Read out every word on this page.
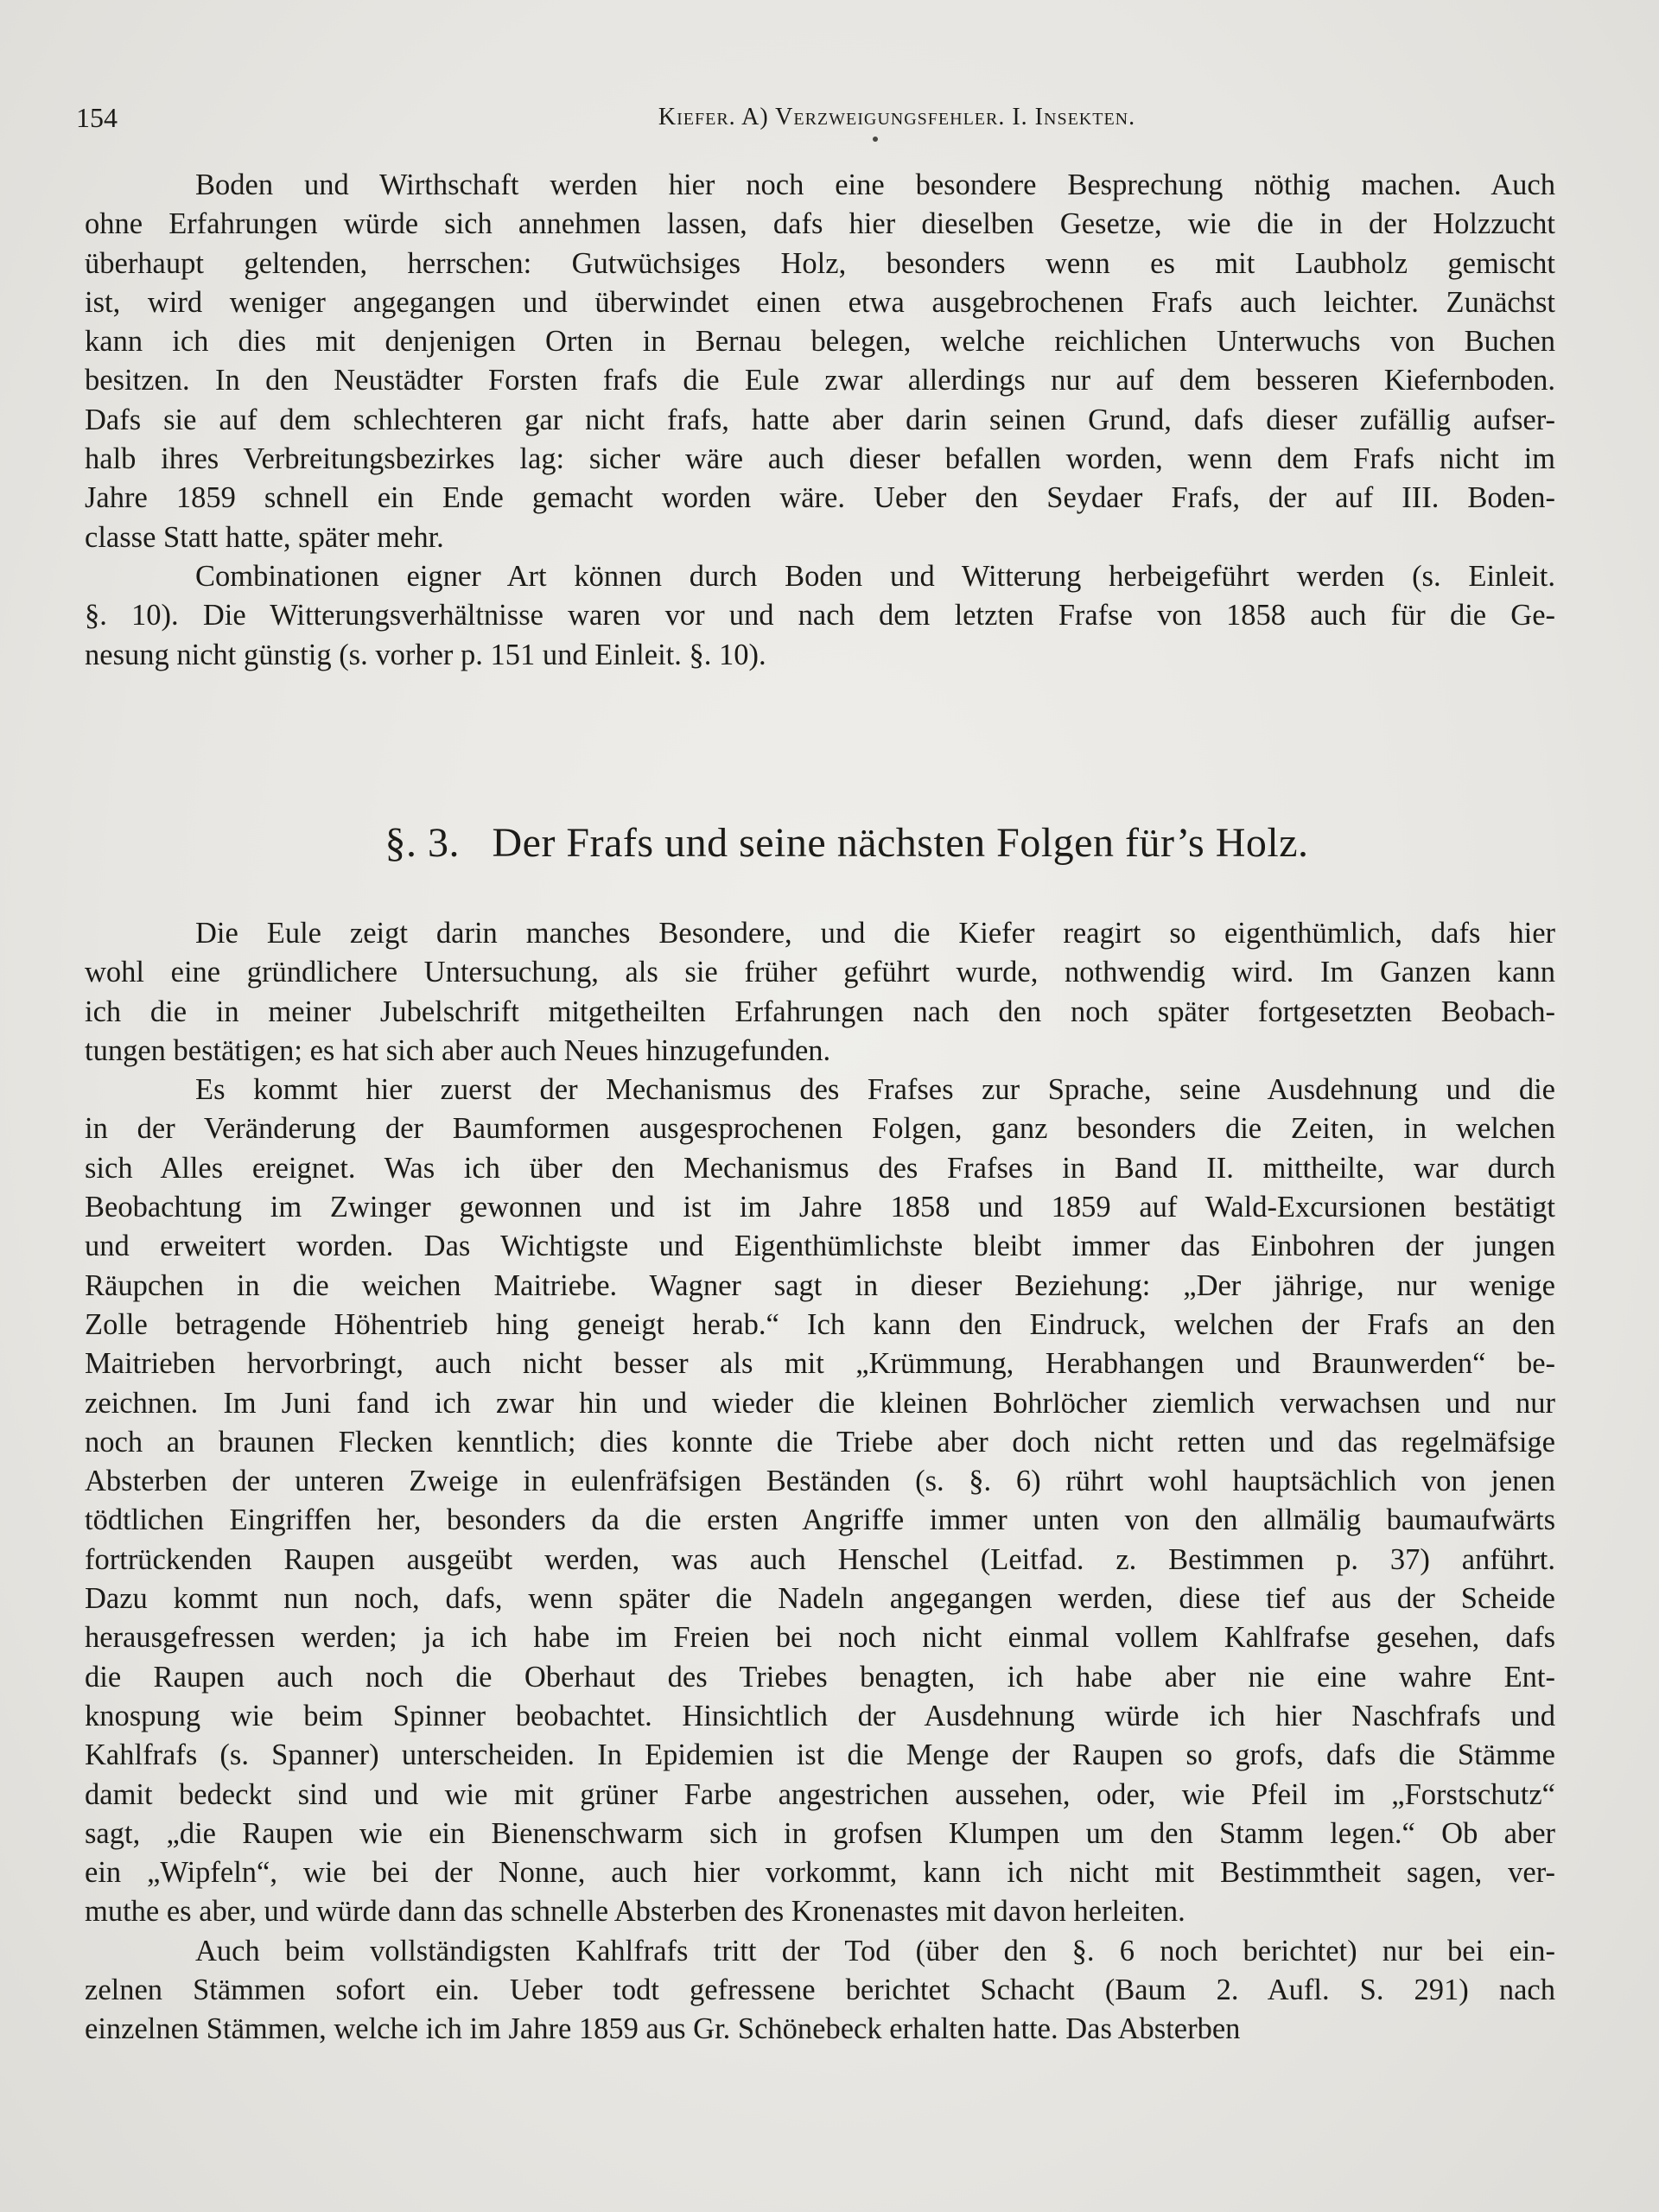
154	Kiefer. A) Verzweigungsfehler. I. Insekten.
Boden und Wirthschaft werden hier noch eine besondere Besprechung nöthig machen. Auch
ohne Erfahrungen würde sich annehmen lassen, dafs hier dieselben Gesetze, wie die in der Holzzucht
überhaupt geltenden, herrschen: Gutwüchsiges Holz, besonders wenn es mit Laubholz gemischt
ist, wird weniger angegangen und überwindet einen etwa ausgebrochenen Frafs auch leichter. Zunächst
kann ich dies mit denjenigen Orten in Bernau belegen, welche reichlichen Unterwuchs von Buchen
besitzen. In den Neustädter Forsten frafs die Eule zwar allerdings nur auf dem besseren Kiefernboden.
Dafs sie auf dem schlechteren gar nicht frafs, hatte aber darin seinen Grund, dafs dieser zufällig aufser-
halb ihres Verbreitungsbezirkes lag: sicher wäre auch dieser befallen worden, wenn dem Frafs nicht im
Jahre 1859 schnell ein Ende gemacht worden wäre. Ueber den Seydaer Frafs, der auf III. Boden-
classe Statt hatte, später mehr.
Combinationen eigner Art können durch Boden und Witterung herbeigeführt werden (s. Einleit.
§. 10). Die Witterungsverhältnisse waren vor und nach dem letzten Frafse von 1858 auch für die Ge-
nesung nicht günstig (s. vorher p. 151 und Einleit. §. 10).
§. 3. Der Frafs und seine nächsten Folgen für’s Holz.
Die Eule zeigt darin manches Besondere, und die Kiefer reagirt so eigenthümlich, dafs hier
wohl eine gründlichere Untersuchung, als sie früher geführt wurde, nothwendig wird. Im Ganzen kann
ich die in meiner Jubelschrift mitgetheilten Erfahrungen nach den noch später fortgesetzten Beobach-
tungen bestätigen; es hat sich aber auch Neues hinzugefunden.
Es kommt hier zuerst der Mechanismus des Frafses zur Sprache, seine Ausdehnung und die
in der Veränderung der Baumformen ausgesprochenen Folgen, ganz besonders die Zeiten, in welchen
sich Alles ereignet. Was ich über den Mechanismus des Frafses in Band II. mittheilte, war durch
Beobachtung im Zwinger gewonnen und ist im Jahre 1858 und 1859 auf Wald-Excursionen bestätigt
und erweitert worden. Das Wichtigste und Eigenthümlichste bleibt immer das Einbohren der jungen
Räupchen in die weichen Maitriebe. Wagner sagt in dieser Beziehung: „Der jährige, nur wenige
Zolle betragende Höhentrieb hing geneigt herab.“ Ich kann den Eindruck, welchen der Frafs an den
Maitrieben hervorbringt, auch nicht besser als mit „Krümmung, Herabhangen und Braunwerden“ be-
zeichnen. Im Juni fand ich zwar hin und wieder die kleinen Bohrlöcher ziemlich verwachsen und nur
noch an braunen Flecken kenntlich; dies konnte die Triebe aber doch nicht retten und das regelmäfsige
Absterben der unteren Zweige in eulenfräfsigen Beständen (s. §. 6) rührt wohl hauptsächlich von jenen
tödtlichen Eingriffen her, besonders da die ersten Angriffe immer unten von den allmälig baumaufwärts
fortrückenden Raupen ausgeübt werden, was auch Henschel (Leitfad. z. Bestimmen p. 37) anführt.
Dazu kommt nun noch, dafs, wenn später die Nadeln angegangen werden, diese tief aus der Scheide
herausgefressen werden; ja ich habe im Freien bei noch nicht einmal vollem Kahlfrafse gesehen, dafs
die Raupen auch noch die Oberhaut des Triebes benagten, ich habe aber nie eine wahre Ent-
knospung wie beim Spinner beobachtet. Hinsichtlich der Ausdehnung würde ich hier Naschfrafs und
Kahlfrafs (s. Spanner) unterscheiden. In Epidemien ist die Menge der Raupen so grofs, dafs die Stämme
damit bedeckt sind und wie mit grüner Farbe angestrichen aussehen, oder, wie Pfeil im „Forstschutz“
sagt, „die Raupen wie ein Bienenschwarm sich in grofsen Klumpen um den Stamm legen.“ Ob aber
ein „Wipfeln“, wie bei der Nonne, auch hier vorkommt, kann ich nicht mit Bestimmtheit sagen, ver-
muthe es aber, und würde dann das schnelle Absterben des Kronenastes mit davon herleiten.
Auch beim vollständigsten Kahlfrafs tritt der Tod (über den §. 6 noch berichtet) nur bei ein-
zelnen Stämmen sofort ein. Ueber todt gefressene berichtet Schacht (Baum 2. Aufl. S. 291) nach
einzelnen Stämmen, welche ich im Jahre 1859 aus Gr. Schönebeck erhalten hatte. Das Absterben
